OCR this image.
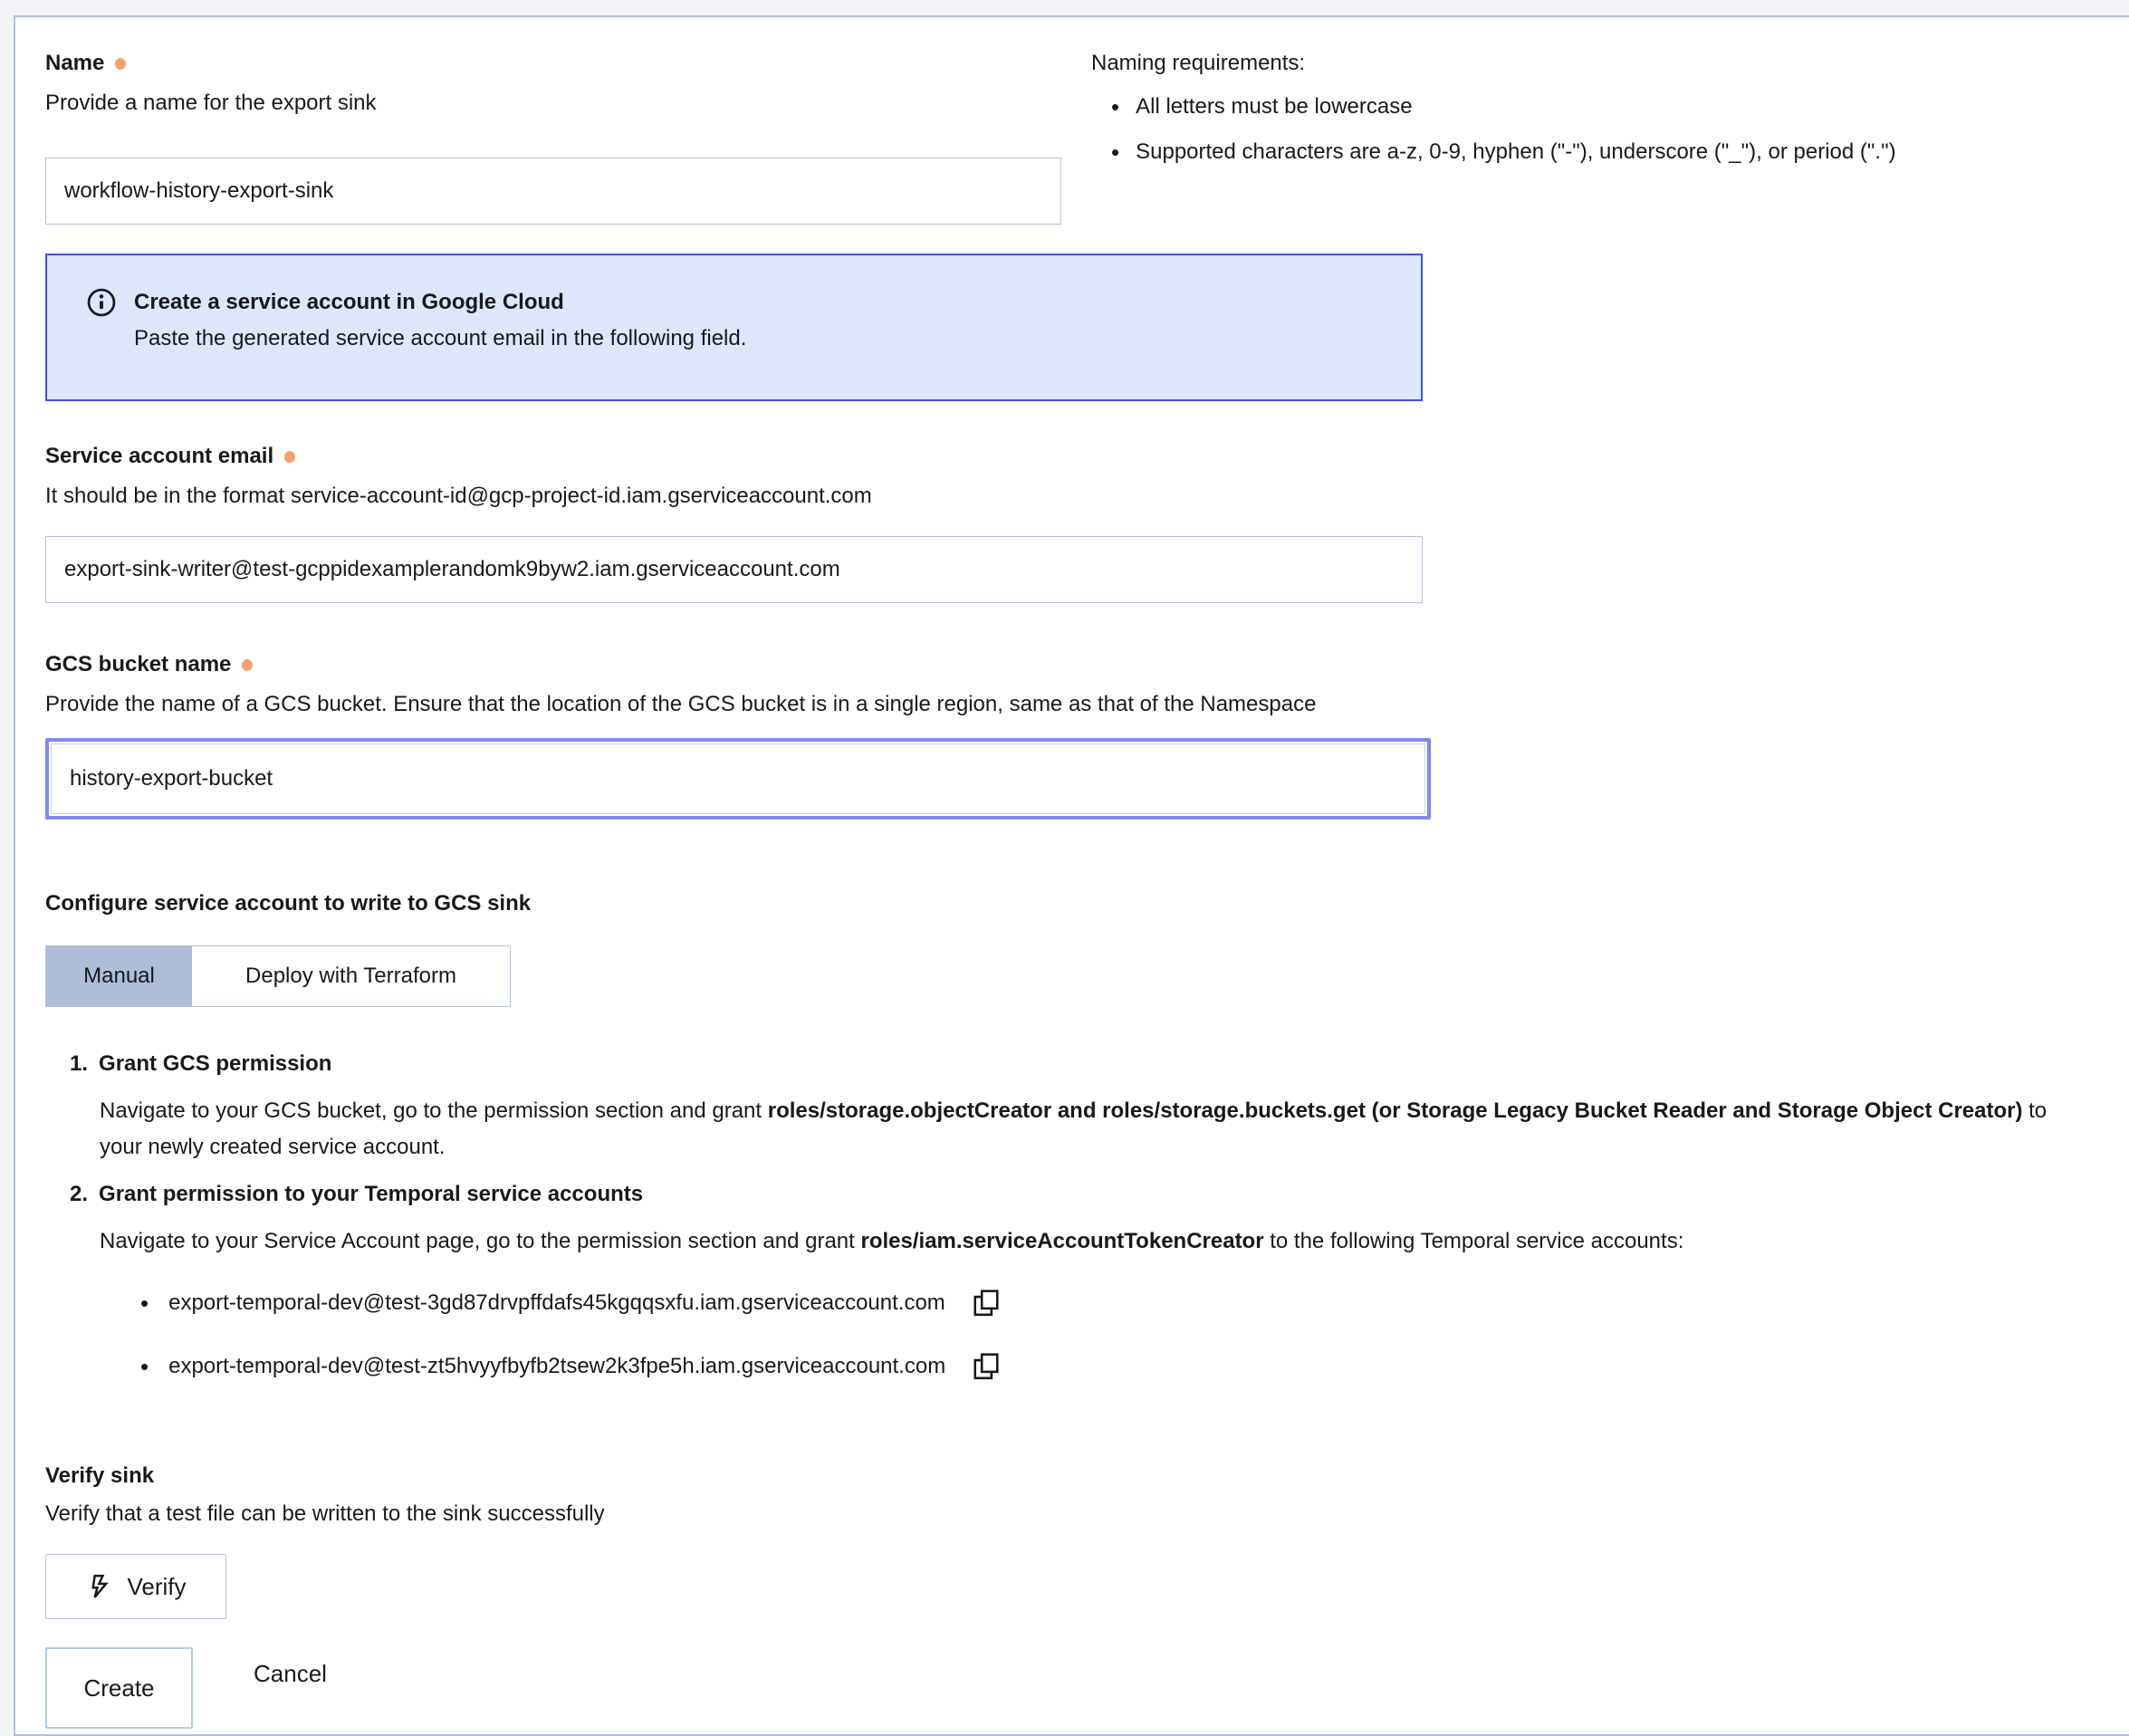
Name
Provide a name for the export sink
workflow-history-export-sink
Naming requirements:
• All letters must be lowercase
• Supported characters are a-z, 0-9, hyphen ("-"), underscore ("_"), or period (".")
Create a service account in Google Cloud
Paste the generated service account email in the following field.
Service account email
It should be in the format service-account-id@gcp-project-id.iam.gserviceaccount.com
export-sink-writer@test-gcppidexamplerandomk9byw2.iam.gserviceaccount.com
GCS bucket name
Provide the name of a GCS bucket. Ensure that the location of the GCS bucket is in a single region, same as that of the Namespace
history-export-bucket
Configure service account to write to GCS sink
Manual	Deploy with Terraform
Grant GCS permission
Navigate to your GCS bucket, go to the permission section and grant roles/storage.objectCreator and roles/storage.buckets.get (or Storage Legacy Bucket Reader and Storage Object Creator) to your newly created service account.
Grant permission to your Temporal service accounts
Navigate to your Service Account page, go to the permission section and grant roles/iam.serviceAccountTokenCreator to the following Temporal service accounts:
• export-temporal-dev@test-3gd87drvpffdafs45kgqqsxfu.iam.gserviceaccount.com
• export-temporal-dev@test-zt5hvyyfbyfb2tsew2k3fpe5h.iam.gserviceaccount.com
Verify sink
Verify that a test file can be written to the sink successfully
Verify
Create
Cancel
